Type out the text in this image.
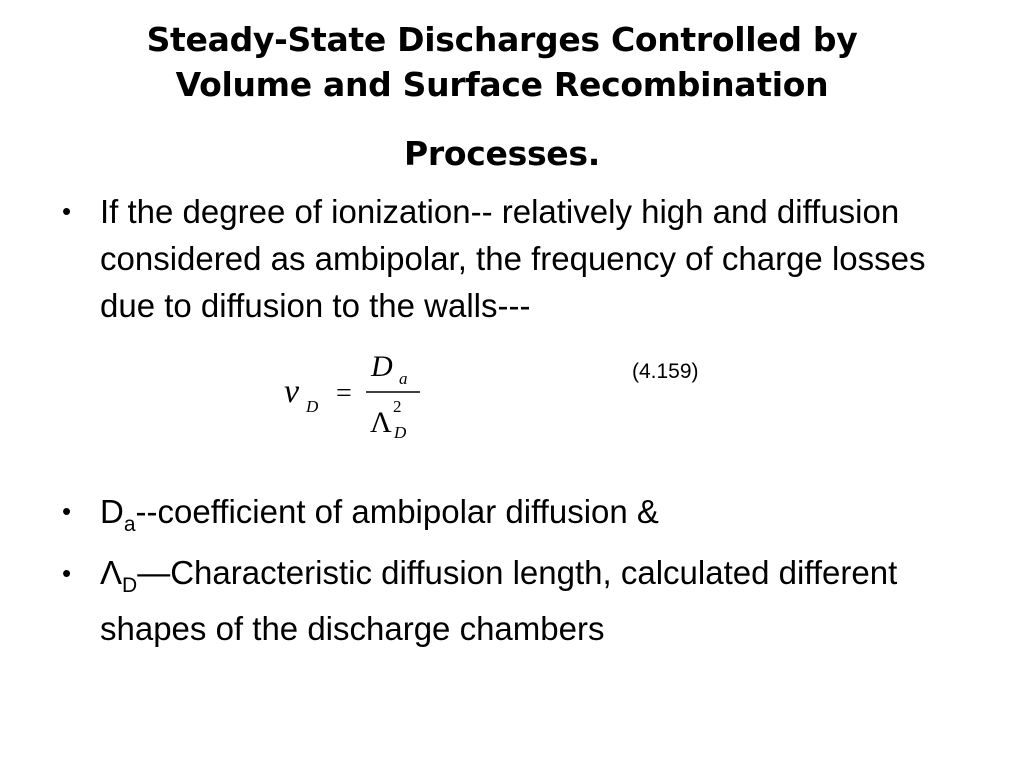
Steady-State Discharges Controlled by
Volume and Surface Recombination
Processes.
• If the degree of ionization-- relatively high and diffusion considered as ambipolar, the frequency of charge losses due to diffusion to the walls---
ν D =
D a
Λ 2
D
(4.159)
• $D_a-$-coefficient of ambipolar diffusion &
• $\Lambda_D—Characteristic$ diffusion length, calculated different shapes of the discharge chambers
